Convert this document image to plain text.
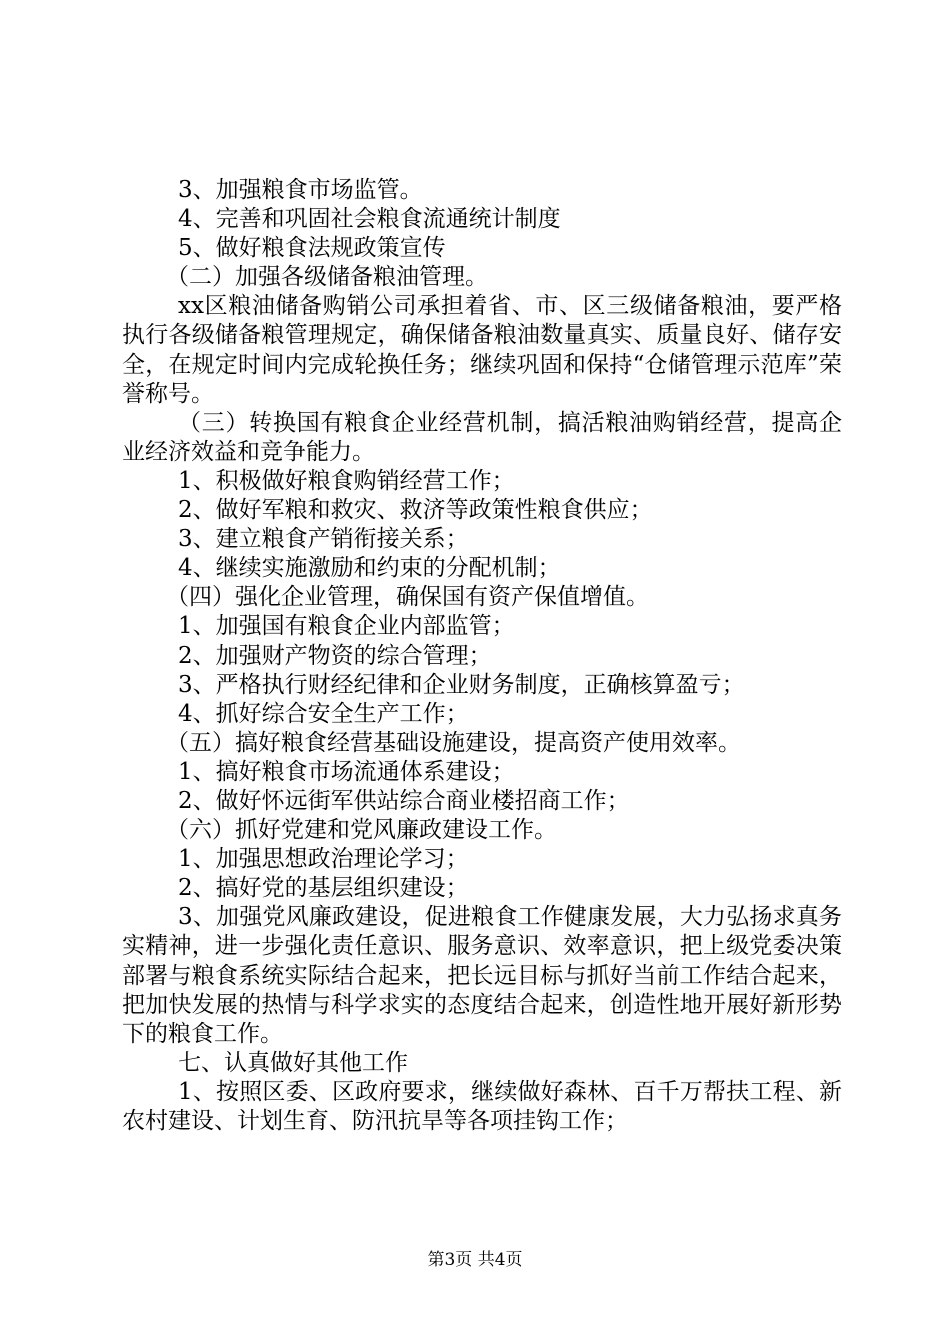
3、加强粮食市场监管。

4、完善和巩固社会粮食流通统计制度

5、做好粮食法规政策宣传

（二）加强各级储备粮油管理。

xx区粮油储备购销公司承担着省、市、区三级储备粮油，要严格执行各级储备粮管理规定，确保储备粮油数量真实、质量良好、储存安全，在规定时间内完成轮换任务；继续巩固和保持“仓储管理示范库”荣誉称号。

（三）转换国有粮食企业经营机制，搞活粮油购销经营，提高企业经济效益和竞争能力。

1、积极做好粮食购销经营工作；

2、做好军粮和救灾、救济等政策性粮食供应；

3、建立粮食产销衔接关系；

4、继续实施激励和约束的分配机制；

（四）强化企业管理，确保国有资产保值增值。

1、加强国有粮食企业内部监管；

2、加强财产物资的综合管理；

3、严格执行财经纪律和企业财务制度，正确核算盈亏；

4、抓好综合安全生产工作；

（五）搞好粮食经营基础设施建设，提高资产使用效率。

1、搞好粮食市场流通体系建设；

2、做好怀远街军供站综合商业楼招商工作；

（六）抓好党建和党风廉政建设工作。

1、加强思想政治理论学习；

2、搞好党的基层组织建设；

3、加强党风廉政建设，促进粮食工作健康发展，大力弘扬求真务实精神，进一步强化责任意识、服务意识、效率意识，把上级党委决策部署与粮食系统实际结合起来，把长远目标与抓好当前工作结合起来，把加快发展的热情与科学求实的态度结合起来，创造性地开展好新形势下的粮食工作。

七、认真做好其他工作

1、按照区委、区政府要求，继续做好森林、百千万帮扶工程、新农村建设、计划生育、防汛抗旱等各项挂钩工作；

第3页 共4页
